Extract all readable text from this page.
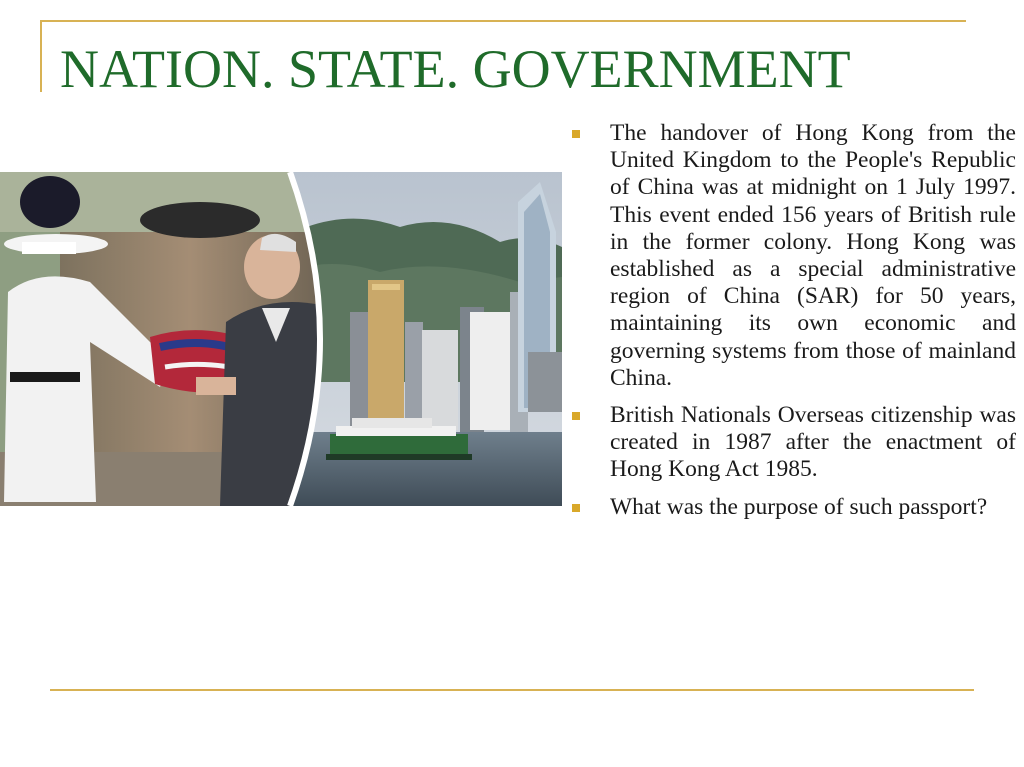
NATION. STATE. GOVERNMENT
The handover of Hong Kong from the United Kingdom to the People's Republic of China was at midnight on 1 July 1997. This event ended 156 years of British rule in the former colony. Hong Kong was established as a special administrative region of China (SAR) for 50 years, maintaining its own economic and governing systems from those of mainland China.
British Nationals Overseas citizenship was created in 1987 after the enactment of Hong Kong Act 1985.
What was the purpose of such passport?
